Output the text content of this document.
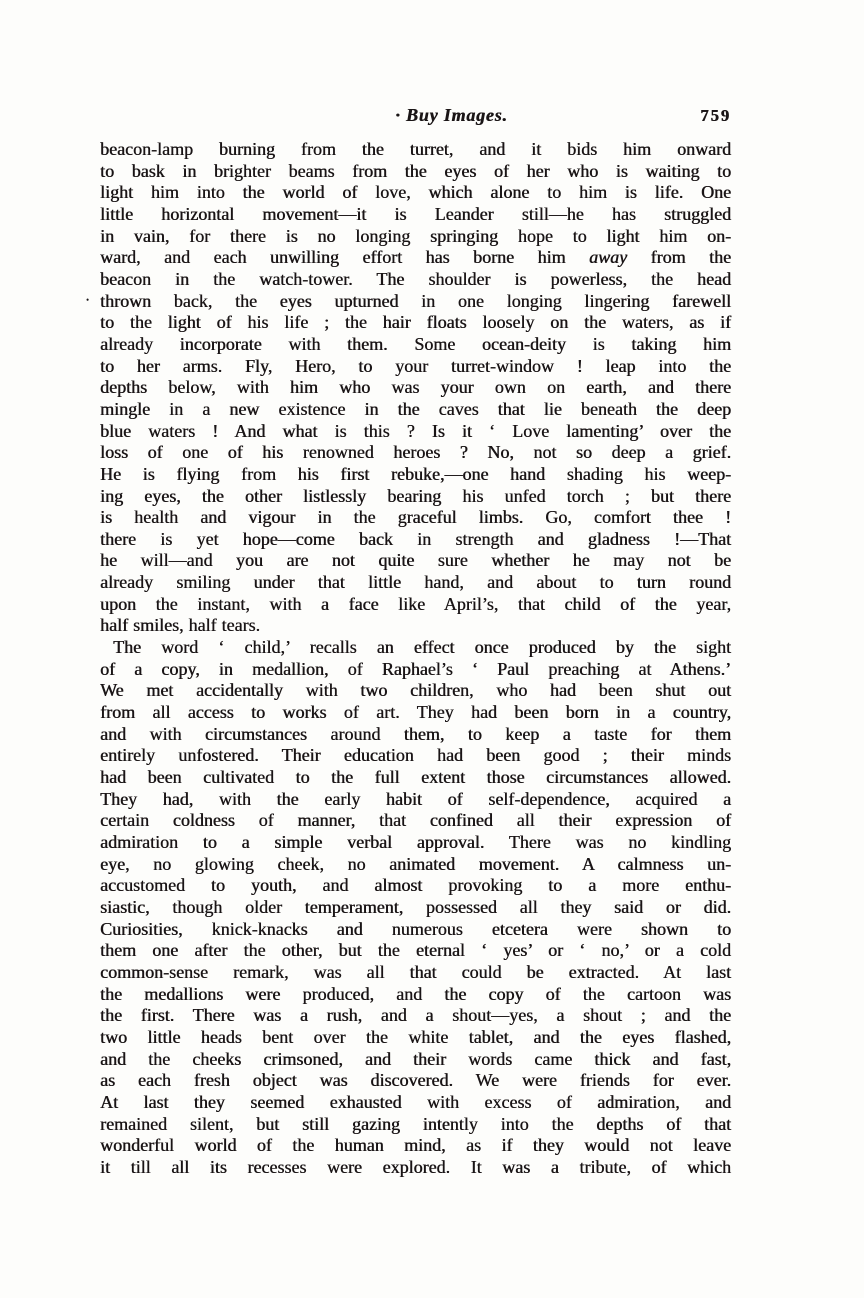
· Buy Images.	759
beacon-lamp burning from the turret, and it bids him onward
to bask in brighter beams from the eyes of her who is waiting to
light him into the world of love, which alone to him is life. One
little horizontal movement—it is Leander still—he has struggled
in vain, for there is no longing springing hope to light him on-
ward, and each unwilling effort has borne him away from the
beacon in the watch-tower. The shoulder is powerless, the head
thrown back, the eyes upturned in one longing lingering farewell
•
to the light of his life ; the hair floats loosely on the waters, as if
already incorporate with them. Some ocean-deity is taking him
to her arms. Fly, Hero, to your turret-window ! leap into the
depths below, with him who was your own on earth, and there
mingle in a new existence in the caves that lie beneath the deep
blue waters ! And what is this ? Is it ‘ Love lamenting’ over the
loss of one of his renowned heroes ? No, not so deep a grief.
He is flying from his first rebuke,—one hand shading his weep-
ing eyes, the other listlessly bearing his unfed torch ; but there
is health and vigour in the graceful limbs. Go, comfort thee !
there is yet hope—come back in strength and gladness !—That
he will—and you are not quite sure whether he may not be
already smiling under that little hand, and about to turn round
upon the instant, with a face like April’s, that child of the year,
half smiles, half tears.
The word ‘ child,’ recalls an effect once produced by the sight
of a copy, in medallion, of Raphael’s ‘ Paul preaching at Athens.’
We met accidentally with two children, who had been shut out
from all access to works of art. They had been born in a country,
and with circumstances around them, to keep a taste for them
entirely unfostered. Their education had been good ; their minds
had been cultivated to the full extent those circumstances allowed.
They had, with the early habit of self-dependence, acquired a
certain coldness of manner, that confined all their expression of
admiration to a simple verbal approval. There was no kindling
eye, no glowing cheek, no animated movement. A calmness un-
accustomed to youth, and almost provoking to a more enthu-
siastic, though older temperament, possessed all they said or did.
Curiosities, knick-knacks and numerous etcetera were shown to
them one after the other, but the eternal ‘ yes’ or ‘ no,’ or a cold
common-sense remark, was all that could be extracted. At last
the medallions were produced, and the copy of the cartoon was
the first. There was a rush, and a shout—yes, a shout ; and the
two little heads bent over the white tablet, and the eyes flashed,
and the cheeks crimsoned, and their words came thick and fast,
as each fresh object was discovered. We were friends for ever.
At last they seemed exhausted with excess of admiration, and
remained silent, but still gazing intently into the depths of that
wonderful world of the human mind, as if they would not leave
it till all its recesses were explored. It was a tribute, of which
